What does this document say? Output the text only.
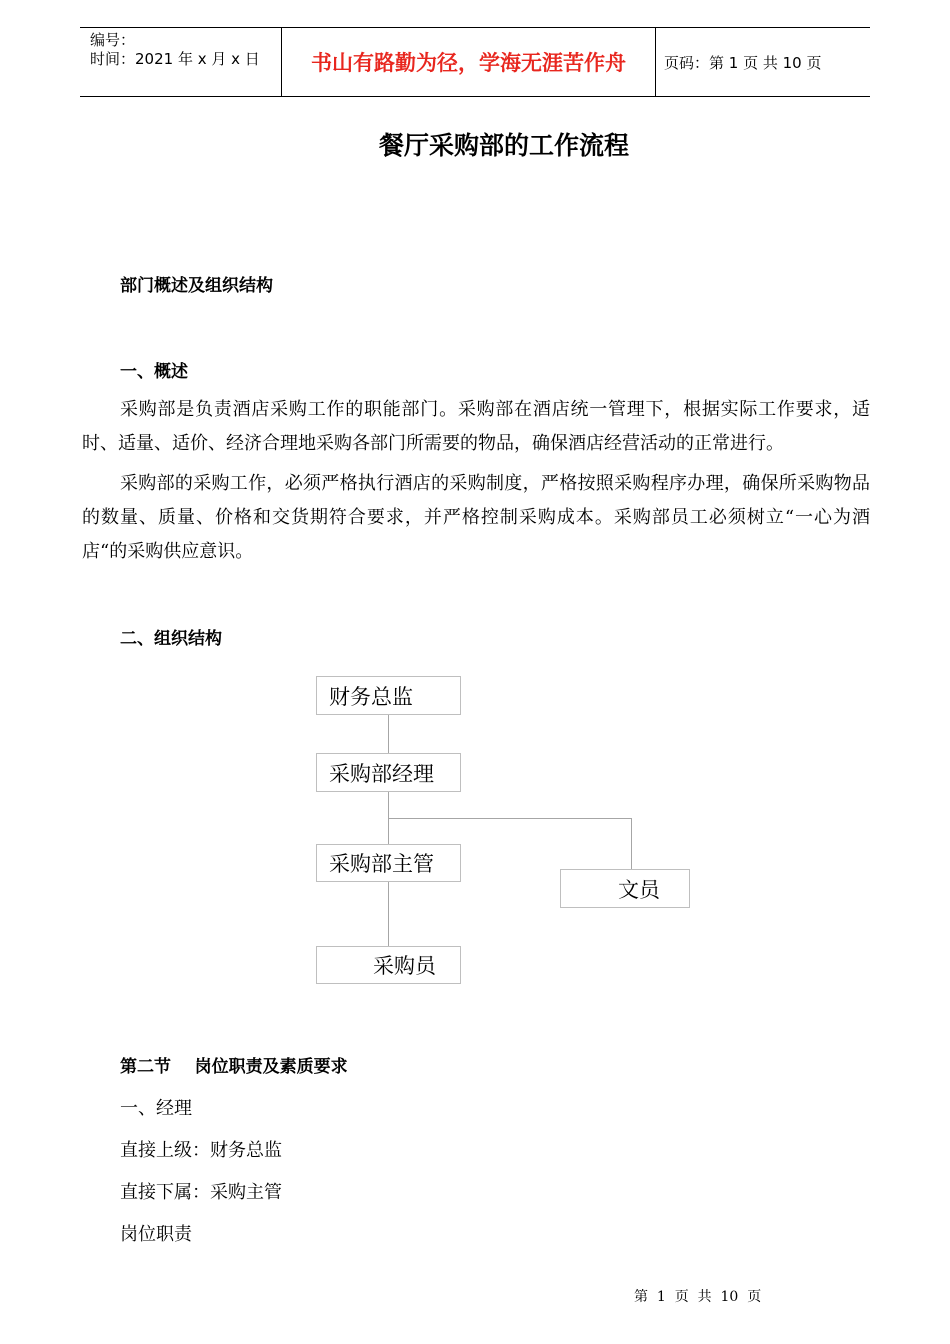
编号：
时间：2021 年 x 月 x 日 书山有路勤为径，学海无涯苦作舟	页码：第 1 页 共 10 页
餐厅采购部的工作流程
部门概述及组织结构
一、概述
采购部是负责酒店采购工作的职能部门。采购部在酒店统一管理下，根据实际工作要求，适时、适量、适价、经济合理地采购各部门所需要的物品，确保酒店经营活动的正常进行。
采购部的采购工作，必须严格执行酒店的采购制度，严格按照采购程序办理，确保所采购物品的数量、质量、价格和交货期符合要求，并严格控制采购成本。采购部员工必须树立“一心为酒店“的采购供应意识。
二、组织结构
财务总监
采购部经理
采购部主管
文员
采购员
第二节    岗位职责及素质要求
一、经理
直接上级：财务总监
直接下属：采购主管
岗位职责
第  1  页  共  10  页
